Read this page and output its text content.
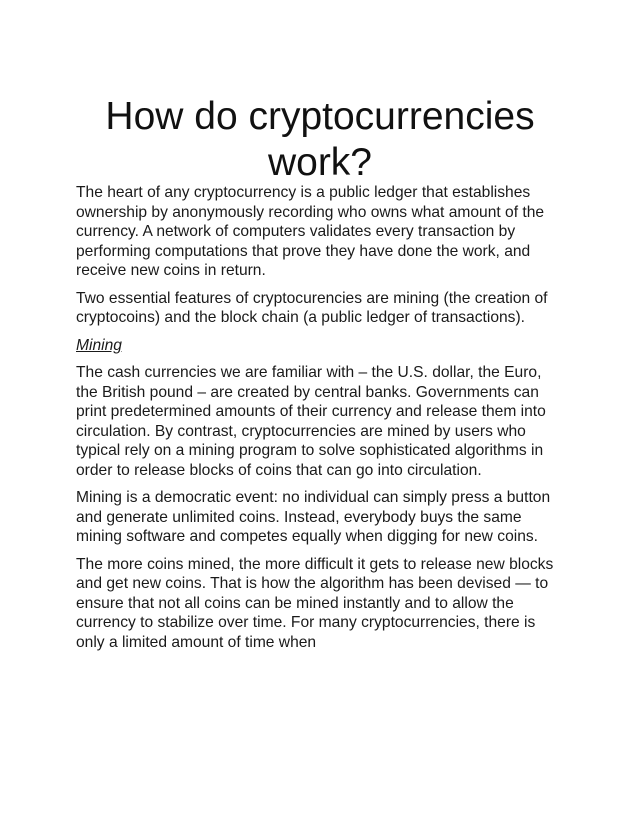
How do cryptocurrencies work?

The heart of any cryptocurrency is a public ledger that establishes ownership by anonymously recording who owns what amount of the currency. A network of computers validates every transaction by performing computations that prove they have done the work, and receive new coins in return.

Two essential features of cryptocurencies are mining (the creation of cryptocoins) and the block chain (a public ledger of transactions).

Mining

The cash currencies we are familiar with – the U.S. dollar, the Euro, the British pound – are created by central banks. Governments can print predetermined amounts of their currency and release them into circulation. By contrast, cryptocurrencies are mined by users who typical rely on a mining program to solve sophisticated algorithms in order to release blocks of coins that can go into circulation.

Mining is a democratic event: no individual can simply press a button and generate unlimited coins. Instead, everybody buys the same mining software and competes equally when digging for new coins.

The more coins mined, the more difficult it gets to release new blocks and get new coins. That is how the algorithm has been devised — to ensure that not all coins can be mined instantly and to allow the currency to stabilize over time. For many cryptocurrencies, there is only a limited amount of time when
